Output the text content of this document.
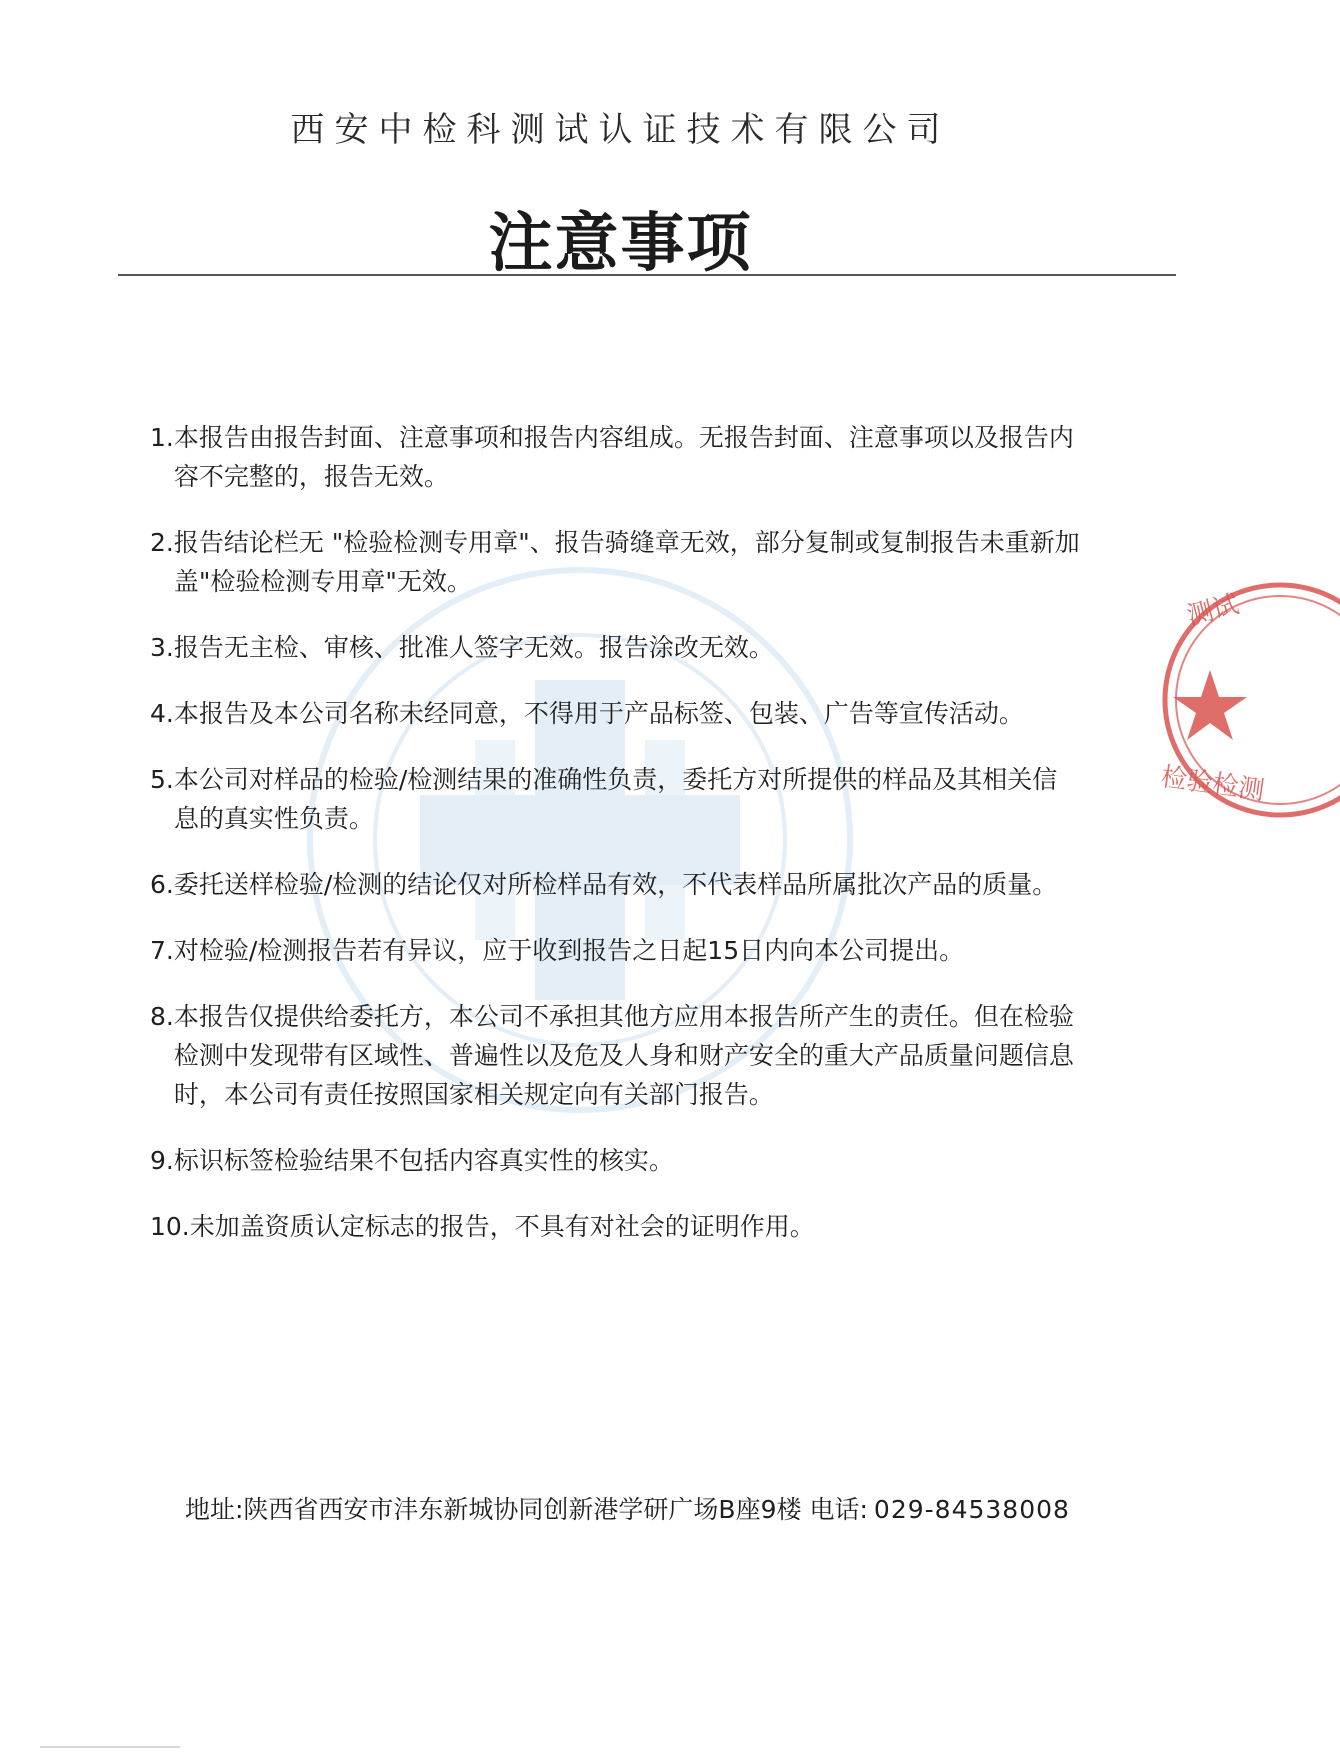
西安中检科测试认证技术有限公司
注意事项
1. 本报告由报告封面、注意事项和报告内容组成。无报告封面、注意事项以及报告内容不完整的，报告无效。
2. 报告结论栏无 "检验检测专用章"、报告骑缝章无效，部分复制或复制报告未重新加盖"检验检测专用章"无效。
3. 报告无主检、审核、批准人签字无效。报告涂改无效。
4. 本报告及本公司名称未经同意，不得用于产品标签、包装、广告等宣传活动。
5. 本公司对样品的检验/检测结果的准确性负责，委托方对所提供的样品及其相关信息的真实性负责。
6. 委托送样检验/检测的结论仅对所检样品有效，不代表样品所属批次产品的质量。
7. 对检验/检测报告若有异议，应于收到报告之日起15日内向本公司提出。
8. 本报告仅提供给委托方，本公司不承担其他方应用本报告所产生的责任。但在检验检测中发现带有区域性、普遍性以及危及人身和财产安全的重大产品质量问题信息时，本公司有责任按照国家相关规定向有关部门报告。
9. 标识标签检验结果不包括内容真实性的核实。
10. 未加盖资质认定标志的报告，不具有对社会的证明作用。
测试
检验检测
地址:陕西省西安市沣东新城协同创新港学研广场B座9楼 电话: 029-84538008
